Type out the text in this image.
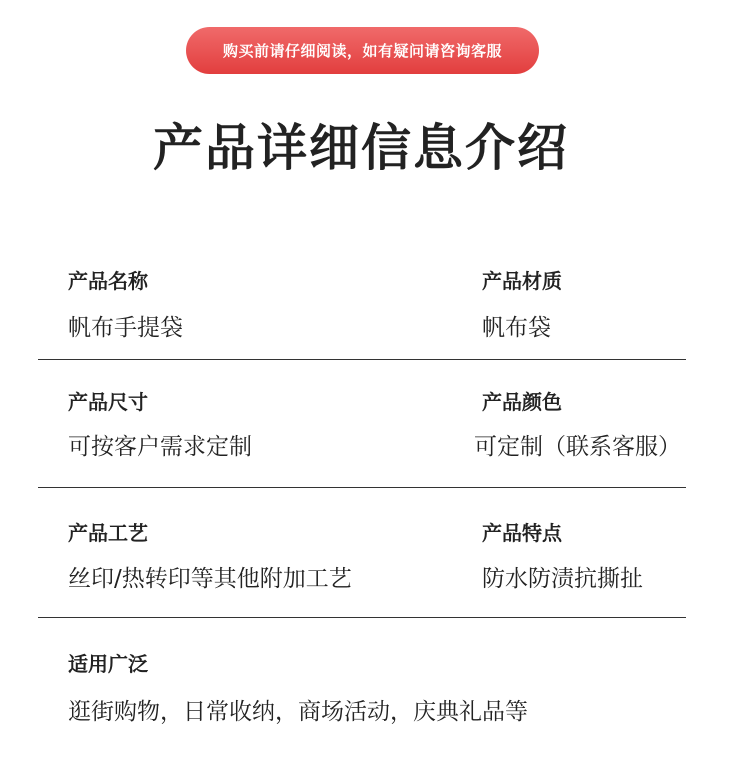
购买前请仔细阅读，如有疑问请咨询客服
产品详细信息介绍
产品名称
帆布手提袋
产品材质
帆布袋
产品尺寸
可按客户需求定制
产品颜色
可定制（联系客服）
产品工艺
丝印/热转印等其他附加工艺
产品特点
防水防渍抗撕扯
适用广泛
逛街购物，日常收纳，商场活动，庆典礼品等
